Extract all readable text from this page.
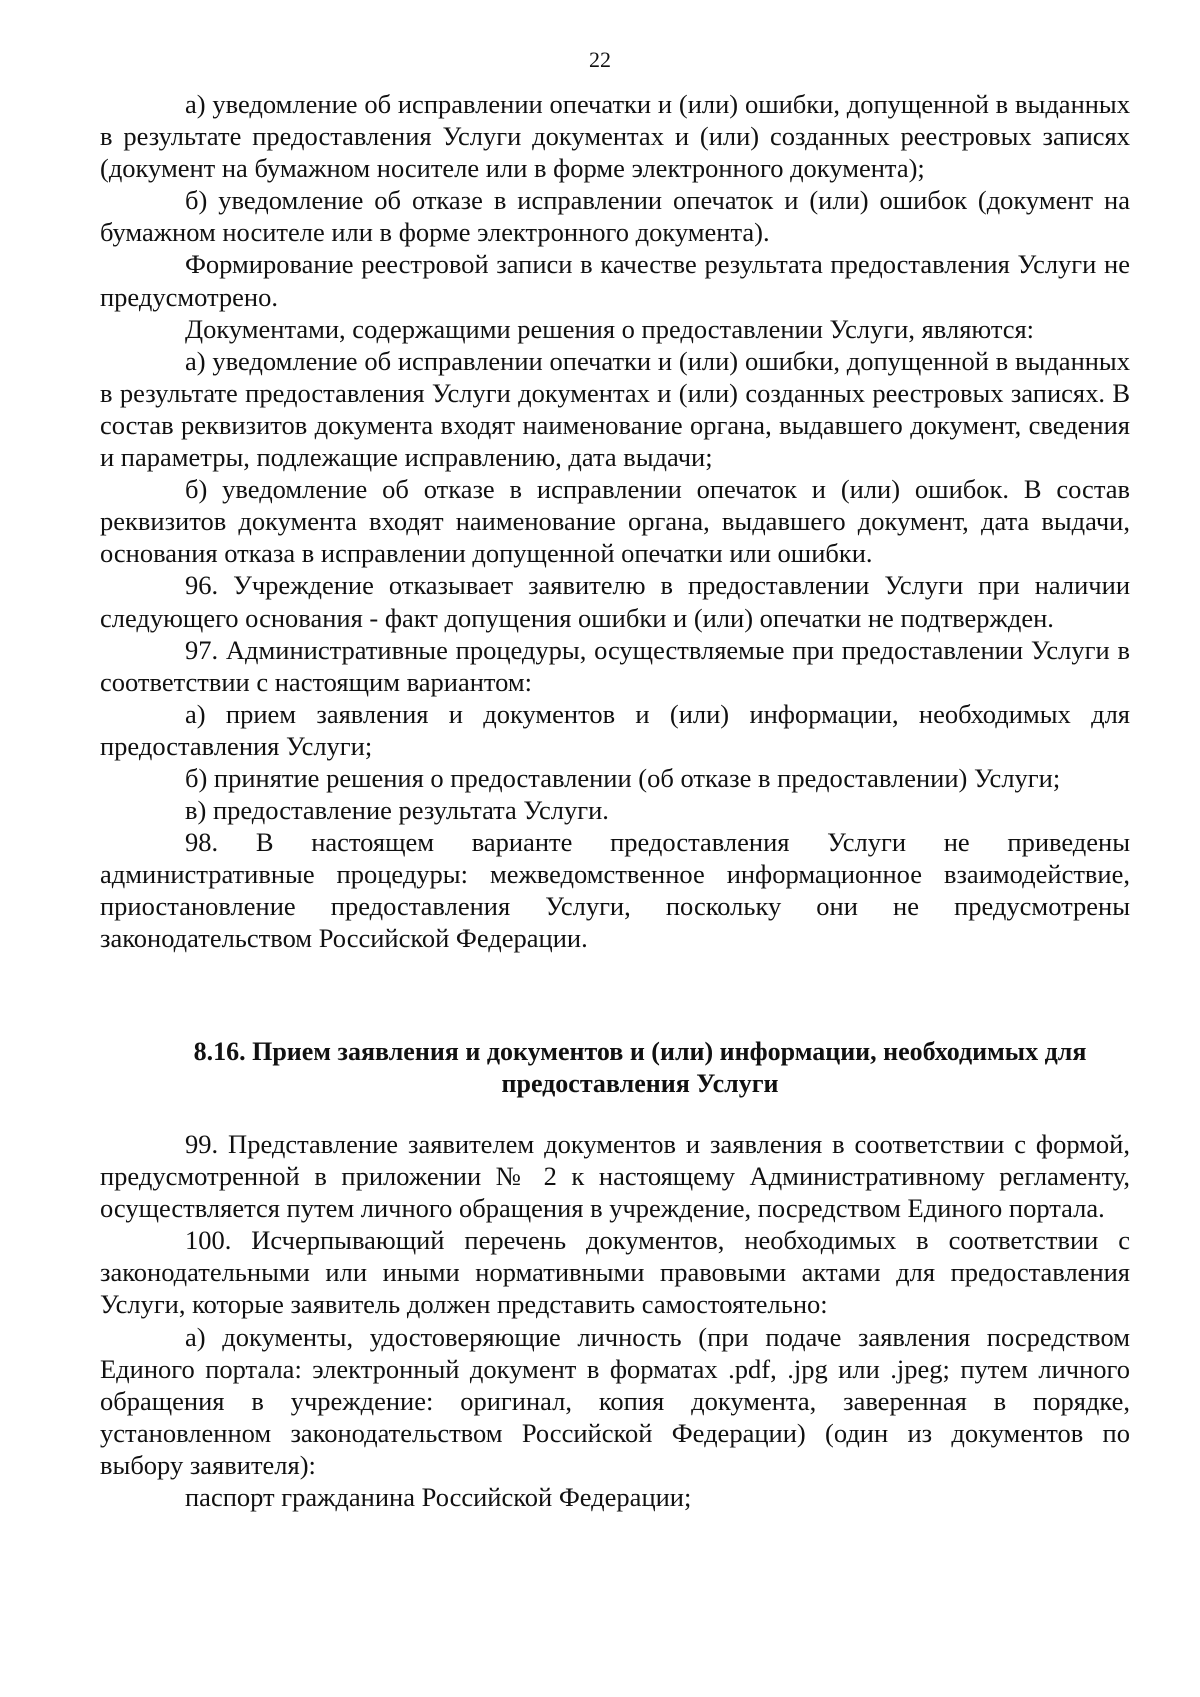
22

а) уведомление об исправлении опечатки и (или) ошибки, допущенной в выданных в результате предоставления Услуги документах и (или) созданных реестровых записях (документ на бумажном носителе или в форме электронного документа);

б) уведомление об отказе в исправлении опечаток и (или) ошибок (документ на бумажном носителе или в форме электронного документа).

Формирование реестровой записи в качестве результата предоставления Услуги не предусмотрено.

Документами, содержащими решения о предоставлении Услуги, являются:

а) уведомление об исправлении опечатки и (или) ошибки, допущенной в выданных в результате предоставления Услуги документах и (или) созданных реестровых записях. В состав реквизитов документа входят наименование органа, выдавшего документ, сведения и параметры, подлежащие исправлению, дата выдачи;

б) уведомление об отказе в исправлении опечаток и (или) ошибок. В состав реквизитов документа входят наименование органа, выдавшего документ, дата выдачи, основания отказа в исправлении допущенной опечатки или ошибки.

96. Учреждение отказывает заявителю в предоставлении Услуги при наличии следующего основания - факт допущения ошибки и (или) опечатки не подтвержден.

97. Административные процедуры, осуществляемые при предоставлении Услуги в соответствии с настоящим вариантом:

а) прием заявления и документов и (или) информации, необходимых для предоставления Услуги;

б) принятие решения о предоставлении (об отказе в предоставлении) Услуги;

в) предоставление результата Услуги.

98. В настоящем варианте предоставления Услуги не приведены административные процедуры: межведомственное информационное взаимодействие, приостановление предоставления Услуги, поскольку они не предусмотрены законодательством Российской Федерации.

8.16. Прием заявления и документов и (или) информации, необходимых для предоставления Услуги

99. Представление заявителем документов и заявления в соответствии с формой, предусмотренной в приложении № 2 к настоящему Административному регламенту, осуществляется путем личного обращения в учреждение, посредством Единого портала.

100. Исчерпывающий перечень документов, необходимых в соответствии с законодательными или иными нормативными правовыми актами для предоставления Услуги, которые заявитель должен представить самостоятельно:

а) документы, удостоверяющие личность (при подаче заявления посредством Единого портала: электронный документ в форматах .pdf, .jpg или .jpeg; путем личного обращения в учреждение: оригинал, копия документа, заверенная в порядке, установленном законодательством Российской Федерации) (один из документов по выбору заявителя):

паспорт гражданина Российской Федерации;
